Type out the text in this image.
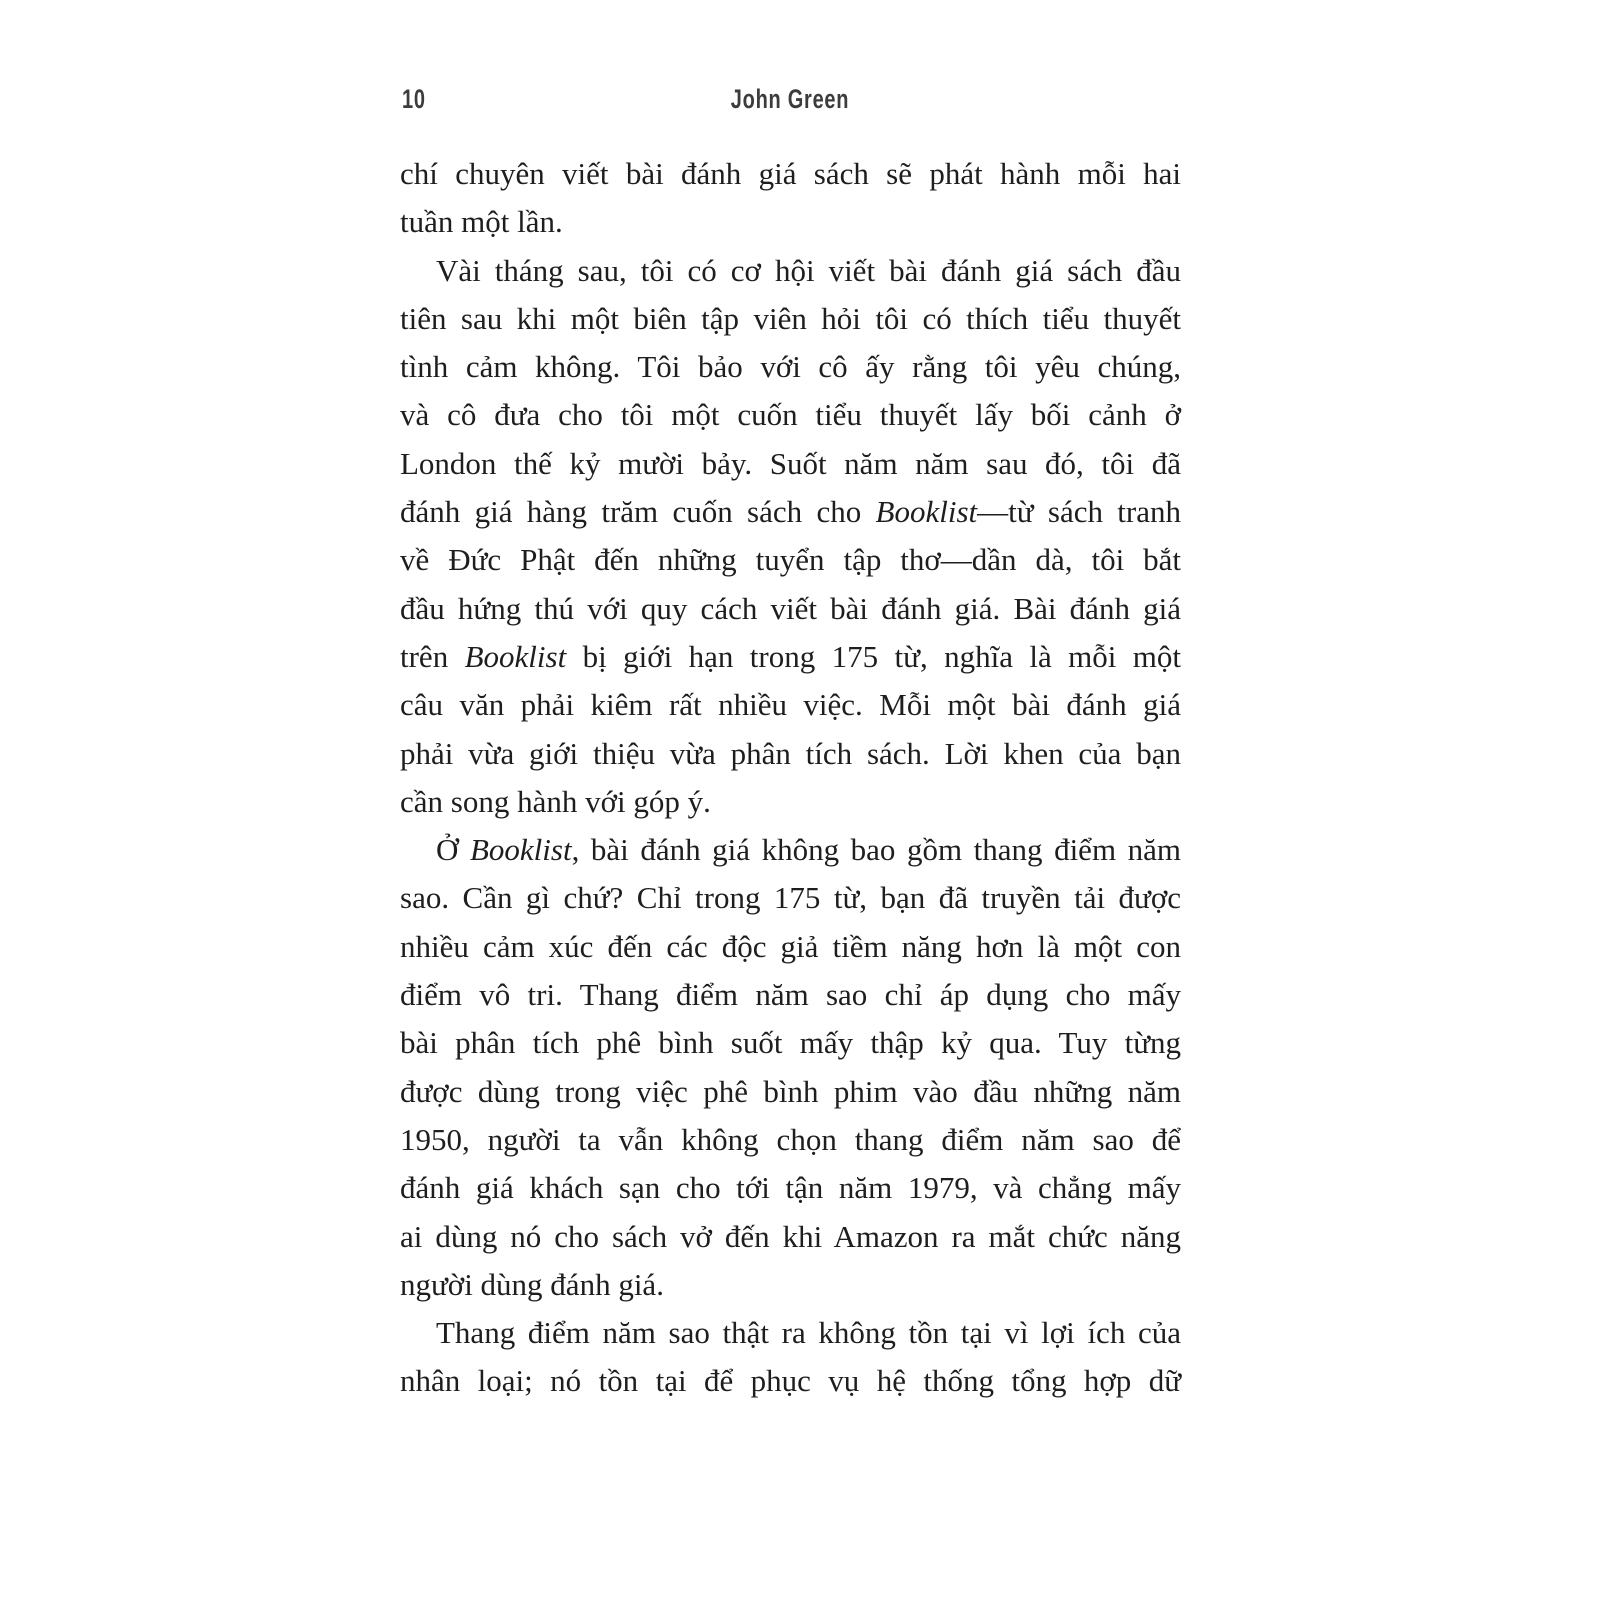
10	John Green
chí chuyên viết bài đánh giá sách sẽ phát hành mỗi hai
tuần một lần.
Vài tháng sau, tôi có cơ hội viết bài đánh giá sách đầu
tiên sau khi một biên tập viên hỏi tôi có thích tiểu thuyết
tình cảm không. Tôi bảo với cô ấy rằng tôi yêu chúng,
và cô đưa cho tôi một cuốn tiểu thuyết lấy bối cảnh ở
London thế kỷ mười bảy. Suốt năm năm sau đó, tôi đã
đánh giá hàng trăm cuốn sách cho Booklist—từ sách tranh
về Đức Phật đến những tuyển tập thơ—dần dà, tôi bắt
đầu hứng thú với quy cách viết bài đánh giá. Bài đánh giá
trên Booklist bị giới hạn trong 175 từ, nghĩa là mỗi một
câu văn phải kiêm rất nhiều việc. Mỗi một bài đánh giá
phải vừa giới thiệu vừa phân tích sách. Lời khen của bạn
cần song hành với góp ý.
Ở Booklist, bài đánh giá không bao gồm thang điểm năm
sao. Cần gì chứ? Chỉ trong 175 từ, bạn đã truyền tải được
nhiều cảm xúc đến các độc giả tiềm năng hơn là một con
điểm vô tri. Thang điểm năm sao chỉ áp dụng cho mấy
bài phân tích phê bình suốt mấy thập kỷ qua. Tuy từng
được dùng trong việc phê bình phim vào đầu những năm
1950, người ta vẫn không chọn thang điểm năm sao để
đánh giá khách sạn cho tới tận năm 1979, và chẳng mấy
ai dùng nó cho sách vở đến khi Amazon ra mắt chức năng
người dùng đánh giá.
Thang điểm năm sao thật ra không tồn tại vì lợi ích của
nhân loại; nó tồn tại để phục vụ hệ thống tổng hợp dữ
